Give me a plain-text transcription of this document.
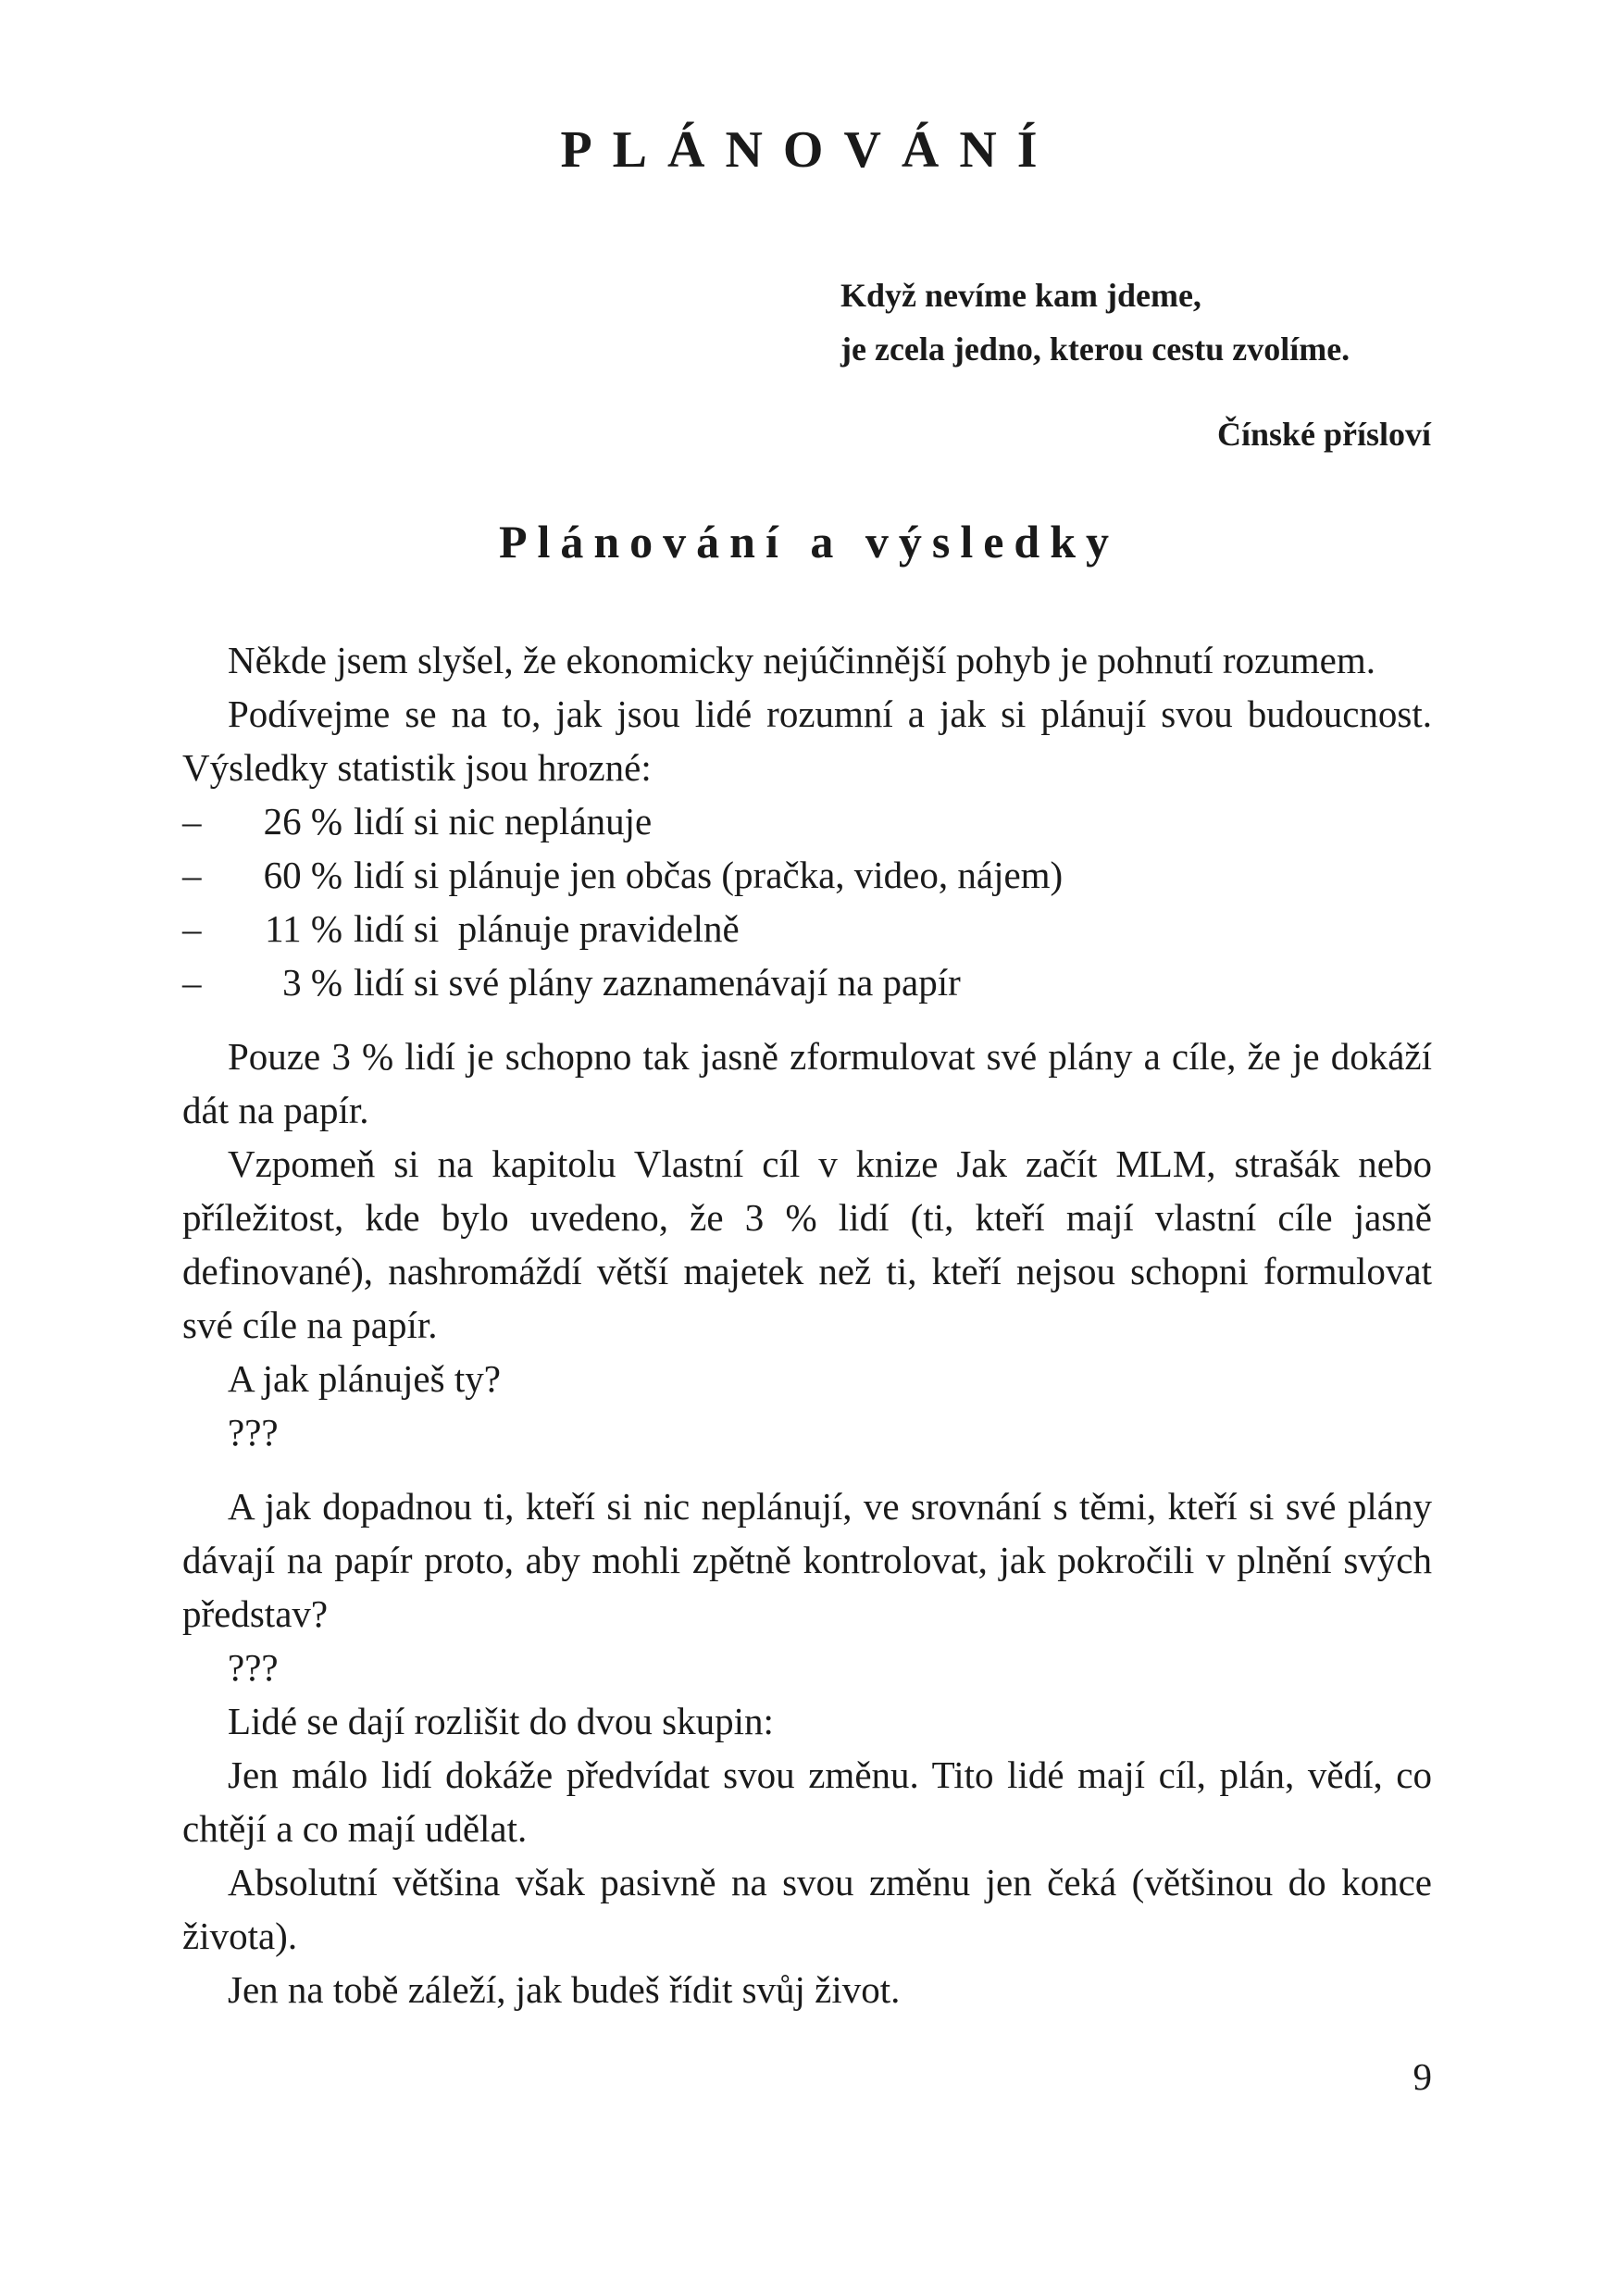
PLÁNOVÁNÍ
Když nevíme kam jdeme,
je zcela jedno, kterou cestu zvolíme.
Čínské přísloví
Plánování a výsledky

Někde jsem slyšel, že ekonomicky nejúčinnější pohyb je pohnutí rozumem.

Podívejme se na to, jak jsou lidé rozumní a jak si plánují svou budoucnost. Výsledky statistik jsou hrozné:

–	26 % lidí si nic neplánuje
–	60 % lidí si plánuje jen občas (pračka, video, nájem)
–	11 % lidí si  plánuje pravidelně
–	3 % lidí si své plány zaznamenávají na papír

Pouze 3 % lidí je schopno tak jasně zformulovat své plány a cíle, že je dokáží dát na papír.

Vzpomeň si na kapitolu Vlastní cíl v knize Jak začít MLM, strašák nebo příležitost, kde bylo uvedeno, že 3 % lidí (ti, kteří mají vlastní cíle jasně definované), nashromáždí větší majetek než ti, kteří nejsou schopni formulovat své cíle na papír.

A jak plánuješ ty?

???

A jak dopadnou ti, kteří si nic neplánují, ve srovnání s těmi, kteří si své plány dávají na papír proto, aby mohli zpětně kontrolovat, jak pokročili v plnění svých představ?

???

Lidé se dají rozlišit do dvou skupin:

Jen málo lidí dokáže předvídat svou změnu. Tito lidé mají cíl, plán, vědí, co chtějí a co mají udělat.

Absolutní většina však pasivně na svou změnu jen čeká (většinou do konce života).

Jen na tobě záleží, jak budeš řídit svůj život.

9
